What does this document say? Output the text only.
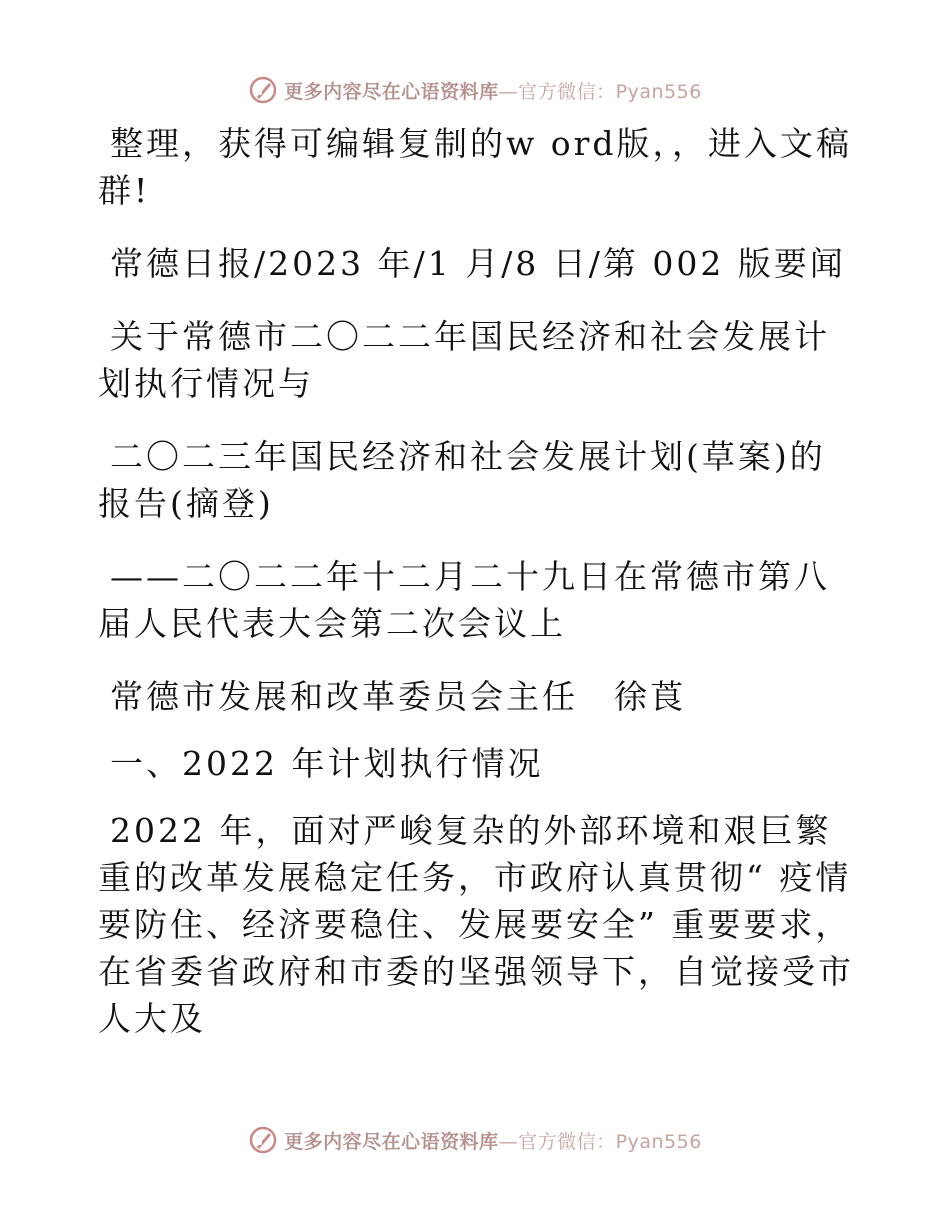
更多内容尽在心语资料库—官方微信：Pyan556

整理，获得可编辑复制的w ord版，，进入文稿群!

常德日报/2023 年/1 月/8 日/第 002 版要闻

关于常德市二〇二二年国民经济和社会发展计划执行情况与

二〇二三年国民经济和社会发展计划(草案)的报告(摘登)

——二〇二二年十二月二十九日在常德市第八届人民代表大会第二次会议上

常德市发展和改革委员会主任　徐莨

一、2022 年计划执行情况

2022 年，面对严峻复杂的外部环境和艰巨繁重的改革发展稳定任务，市政府认真贯彻“ 疫情要防住、经济要稳住、发展要安全” 重要要求，在省委省政府和市委的坚强领导下，自觉接受市人大及

更多内容尽在心语资料库—官方微信：Pyan556
